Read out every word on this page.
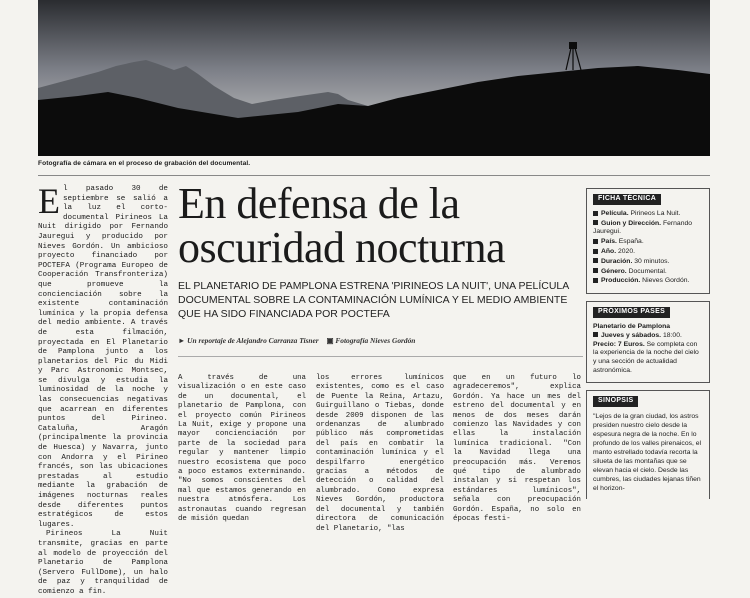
Fotografía de cámara en el proceso de grabación del documental.
E l pasado 30 de septiembre se salió a la luz el corto-documental Pirineos La Nuit dirigido por Fernando Jauregui y producido por Nieves Gordón. Un ambicioso proyecto financiado por POCTEFA (Programa Europeo de Cooperación Transfronteriza) que promueve la concienciación sobre la existente contaminación lumínica y la propia defensa del medio ambiente. A través de esta filmación, proyectada en El Planetario de Pamplona junto a los planetarios del Pic du Midi y Parc Astronomic Montsec, se divulga y estudia la luminosidad de la noche y las consecuencias negativas que acarrean en diferentes puntos del Pirineo. Cataluña, Aragón (principalmente la provincia de Huesca) y Navarra, junto con Andorra y el Pirineo francés, son las ubicaciones prestadas al estudio mediante la grabación de imágenes nocturnas reales desde diferentes puntos estratégicos de estos lugares.

Pirineos La Nuit transmite, gracias en parte al modelo de proyección del Planetario de Pamplona (Servero FullDome), un halo de paz y tranquilidad de comienzo a fin.

En defensa de la oscuridad nocturna
EL PLANETARIO DE PAMPLONA ESTRENA 'PIRINEOS LA NUIT', UNA PELÍCULA DOCUMENTAL SOBRE LA CONTAMINACIÓN LUMÍNICA Y EL MEDIO AMBIENTE QUE HA SIDO FINANCIADA POR POCTEFA
► Un reportaje de Alejandro Carranza Tisner ▣ Fotografía Nieves Gordón
A través de una visualización o en este caso de un documental, el planetario de Pamplona, con el proyecto común Pirineos La Nuit, exige y propone una mayor concienciación por parte de la sociedad para regular y mantener limpio nuestro ecosistema que poco a poco estamos exterminando. "No somos conscientes del mal que estamos generando en nuestra atmósfera. Los astronautas cuando regresan de misión quedan
los errores lumínicos existentes, como es el caso de Puente la Reina, Artazu, Guirguillano o Tiebas, donde desde 2009 disponen de las ordenanzas de alumbrado público más comprometidas del país en combatir la contaminación lumínica y el despilfarro energético gracias a métodos de detección o calidad del alumbrado. Como expresa Nieves Gordón, productora del documental y también directora de comunicación del Planetario, "las
que en un futuro lo agradeceremos", explica Gordón. Ya hace un mes del estreno del documental y en menos de dos meses darán comienzo las Navidades y con ellas la instalación lumínica tradicional. "Con la Navidad llega una preocupación más. Veremos qué tipo de alumbrado instalan y si respetan los estándares lumínicos", señala con preocupación Gordón. España, no solo en épocas festi-
FICHA TÉCNICA
Película. Pirineos La Nuit.
Guion y Dirección. Fernando Jauregui.
País. España.
Año. 2020.
Duración. 30 minutos.
Género. Documental.
Producción. Nieves Gordón.
PRÓXIMOS PASES
Planetario de Pamplona
Jueves y sábados. 18:00.
Precio: 7 Euros. Se completa con la experiencia de la noche del cielo y una sección de actualidad astronómica.
SINOPSIS
"Lejos de la gran ciudad, los astros presiden nuestro cielo desde la espesura negra de la noche. En lo profundo de los valles pirenaicos, el manto estrellado todavía recorta la silueta de las montañas que se elevan hacia el cielo. Desde las cumbres, las ciudades lejanas tiñen el horizon-
